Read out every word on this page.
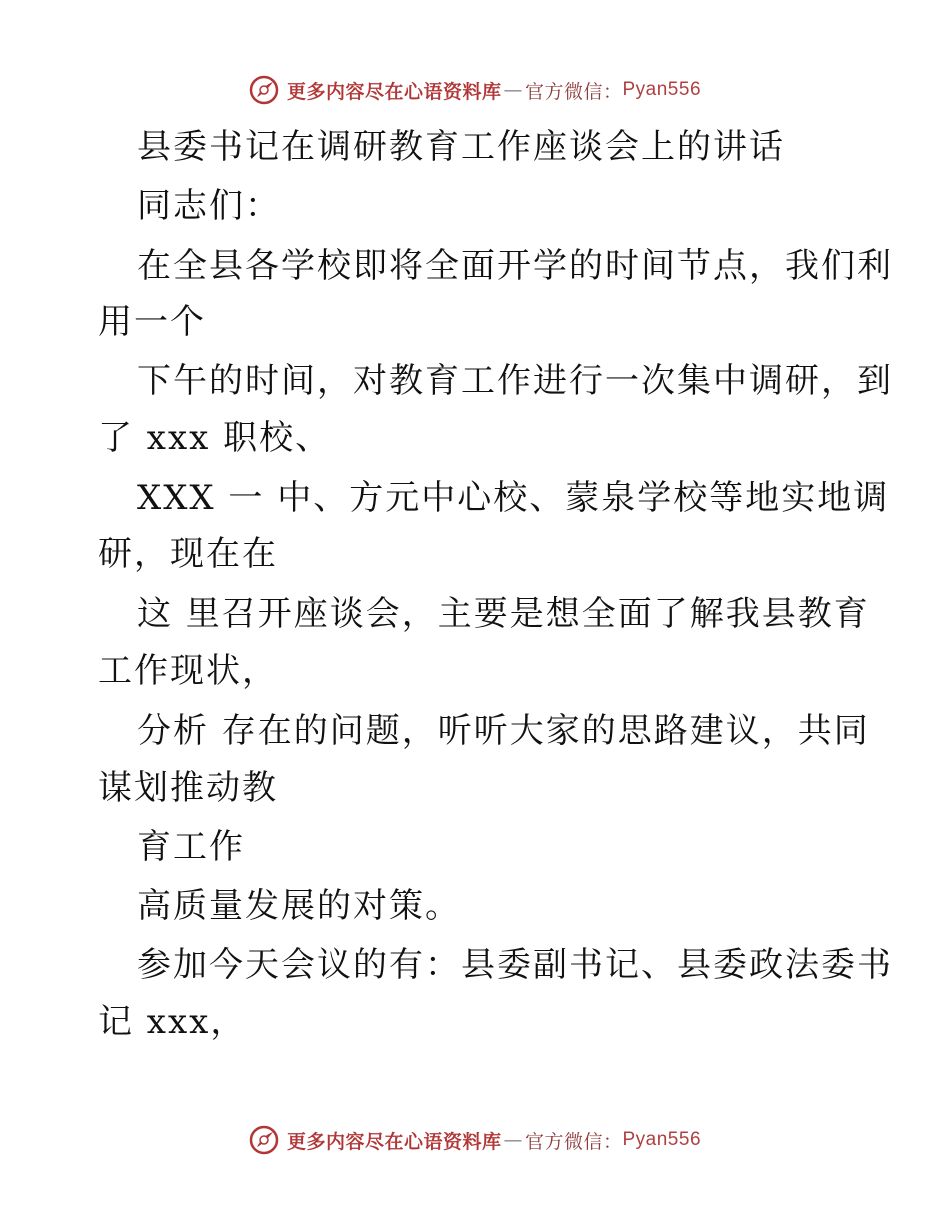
更多内容尽在心语资料库 — 官方微信： Pyan556
县委书记在调研教育工作座谈会上的讲话
同志们：
在全县各学校即将全面开学的时间节点，我们利
用一个
下午的时间，对教育工作进行一次集中调研，到
了 xxx 职校、
XXX 一 中、方元中心校、蒙泉学校等地实地调
研，现在在
这 里召开座谈会，主要是想全面了解我县教育
工作现状，
分析 存在的问题，听听大家的思路建议，共同
谋划推动教
育工作
高质量发展的对策。
参加今天会议的有：县委副书记、县委政法委书
记 xxx，
更多内容尽在心语资料库 — 官方微信： Pyan556
